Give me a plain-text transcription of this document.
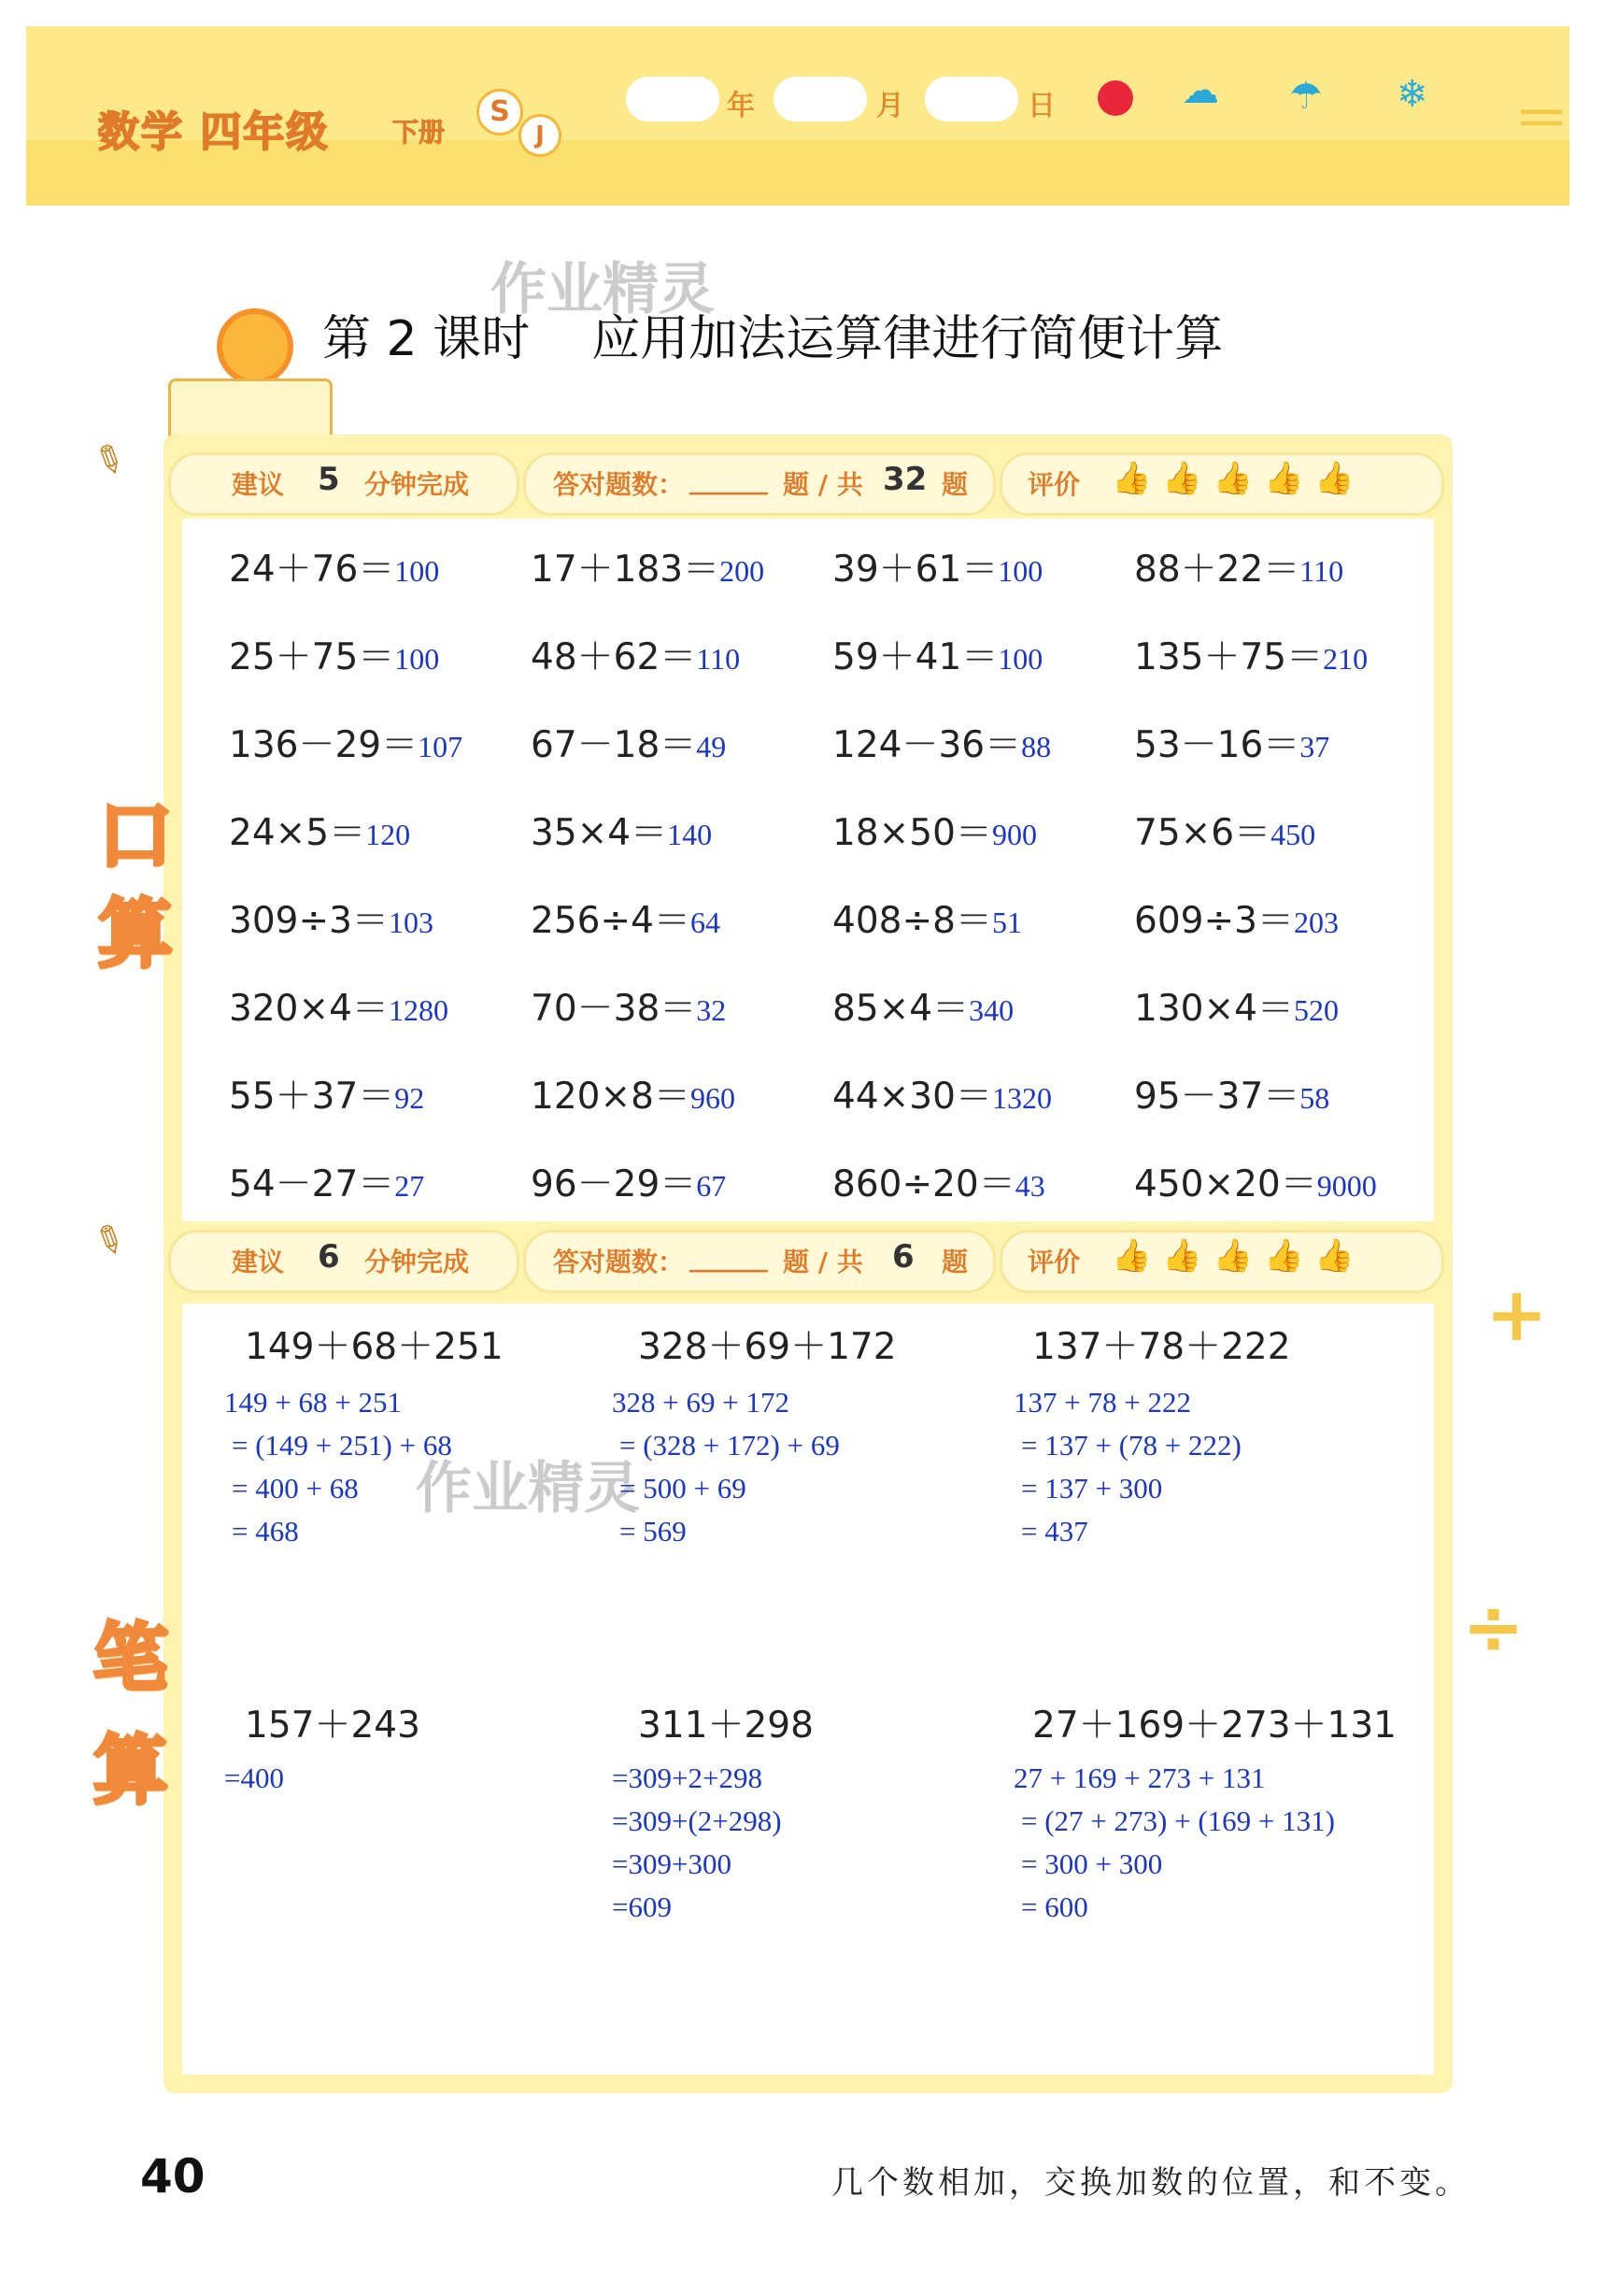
数学 四年级 下册
S
J
年	月	日	☁ ☂ ❄
第 2 课时    应用加法运算律进行简便计算
作业精灵
✎	建议 5 分钟完成	答对题数： ______ 题 / 共 32 题 评价 👍 👍 👍 👍 👍
口
算
24＋76＝100	17＋183＝200 39＋61＝100	88＋22＝110
25＋75＝100	48＋62＝110	59＋41＝100	135＋75＝210
136－29＝107 67－18＝49	124－36＝88 53－16＝37
24×5＝120	35×4＝140	18×50＝900	75×6＝450
309÷3＝103	256÷4＝64	408÷8＝51	609÷3＝203
320×4＝1280 70－38＝32	85×4＝340	130×4＝520
55＋37＝92	120×8＝960	44×30＝1320 95－37＝58
54－27＝27	96－29＝67	860÷20＝43 450×20＝9000
✎	建议 6 分钟完成	答对题数： ______ 题 / 共 6 题 评价 👍 👍 👍 👍 👍
笔
算
作业精灵
149＋68＋251
149 + 68 + 251
= (149 + 251) + 68
= 400 + 68
= 468
328＋69＋172
328 + 69 + 172
= (328 + 172) + 69
= 500 + 69
= 569
137＋78＋222
137 + 78 + 222
= 137 + (78 + 222)
= 137 + 300
= 437
157＋243
=400
311＋298
=309+2+298
=309+(2+298)
=309+300
=609
27＋169＋273＋131
27 + 169 + 273 + 131
= (27 + 273) + (169 + 131)
= 300 + 300
= 600
+
÷
＝
40	几个数相加，交换加数的位置，和不变。
